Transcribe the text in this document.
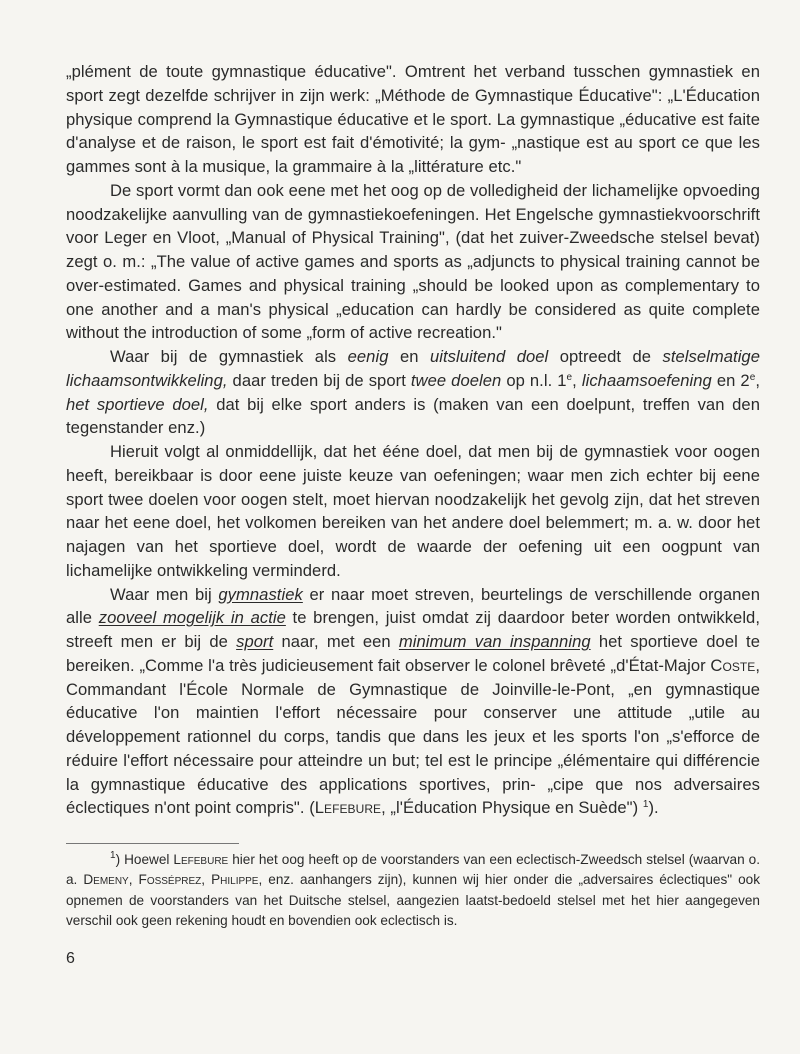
„plément de toute gymnastique éducative". Omtrent het verband tusschen gymnastiek en sport zegt dezelfde schrijver in zijn werk: „Méthode de Gymnastique Éducative": „L'Éducation physique comprend la Gymnastique éducative et le sport. La gymnastique „éducative est faite d'analyse et de raison, le sport est fait d'émotivité; la gym- „nastique est au sport ce que les gammes sont à la musique, la grammaire à la „littérature etc."

De sport vormt dan ook eene met het oog op de volledigheid der lichamelijke opvoeding noodzakelijke aanvulling van de gymnastiekoefeningen. Het Engelsche gymnastiekvoorschrift voor Leger en Vloot, „Manual of Physical Training", (dat het zuiver-Zweedsche stelsel bevat) zegt o. m.: „The value of active games and sports as „adjuncts to physical training cannot be over-estimated. Games and physical training „should be looked upon as complementary to one another and a man's physical „education can hardly be considered as quite complete without the introduction of some „form of active recreation."

Waar bij de gymnastiek als eenig en uitsluitend doel optreedt de stelselmatige lichaamsontwikkeling, daar treden bij de sport twee doelen op n.l. 1e, lichaamsoefening en 2e, het sportieve doel, dat bij elke sport anders is (maken van een doelpunt, treffen van den tegenstander enz.)

Hieruit volgt al onmiddellijk, dat het ééne doel, dat men bij de gymnastiek voor oogen heeft, bereikbaar is door eene juiste keuze van oefeningen; waar men zich echter bij eene sport twee doelen voor oogen stelt, moet hiervan noodzakelijk het gevolg zijn, dat het streven naar het eene doel, het volkomen bereiken van het andere doel belemmert; m. a. w. door het najagen van het sportieve doel, wordt de waarde der oefening uit een oogpunt van lichamelijke ontwikkeling verminderd.

Waar men bij gymnastiek er naar moet streven, beurtelings de verschillende organen alle zooveel mogelijk in actie te brengen, juist omdat zij daardoor beter worden ontwikkeld, streeft men er bij de sport naar, met een minimum van inspanning het sportieve doel te bereiken. „Comme l'a très judicieusement fait observer le colonel brêveté „d'État-Major Coste, Commandant l'École Normale de Gymnastique de Joinville-le-Pont, „en gymnastique éducative l'on maintien l'effort nécessaire pour conserver une attitude „utile au développement rationnel du corps, tandis que dans les jeux et les sports l'on „s'efforce de réduire l'effort nécessaire pour atteindre un but; tel est le principe „élémentaire qui différencie la gymnastique éducative des applications sportives, prin- „cipe que nos adversaires éclectiques n'ont point compris". (Lefebure, „l'Éducation Physique en Suède") $^1$).

$^1$) Hoewel Lefebure hier het oog heeft op de voorstanders van een eclectisch-Zweedsch stelsel (waarvan o. a. Demeny, Fosséprez, Philippe, enz. aanhangers zijn), kunnen wij hier onder die „adversaires éclectiques" ook opnemen de voorstanders van het Duitsche stelsel, aangezien laatst-bedoeld stelsel met het hier aangegeven verschil ook geen rekening houdt en bovendien ook eclectisch is.

6
